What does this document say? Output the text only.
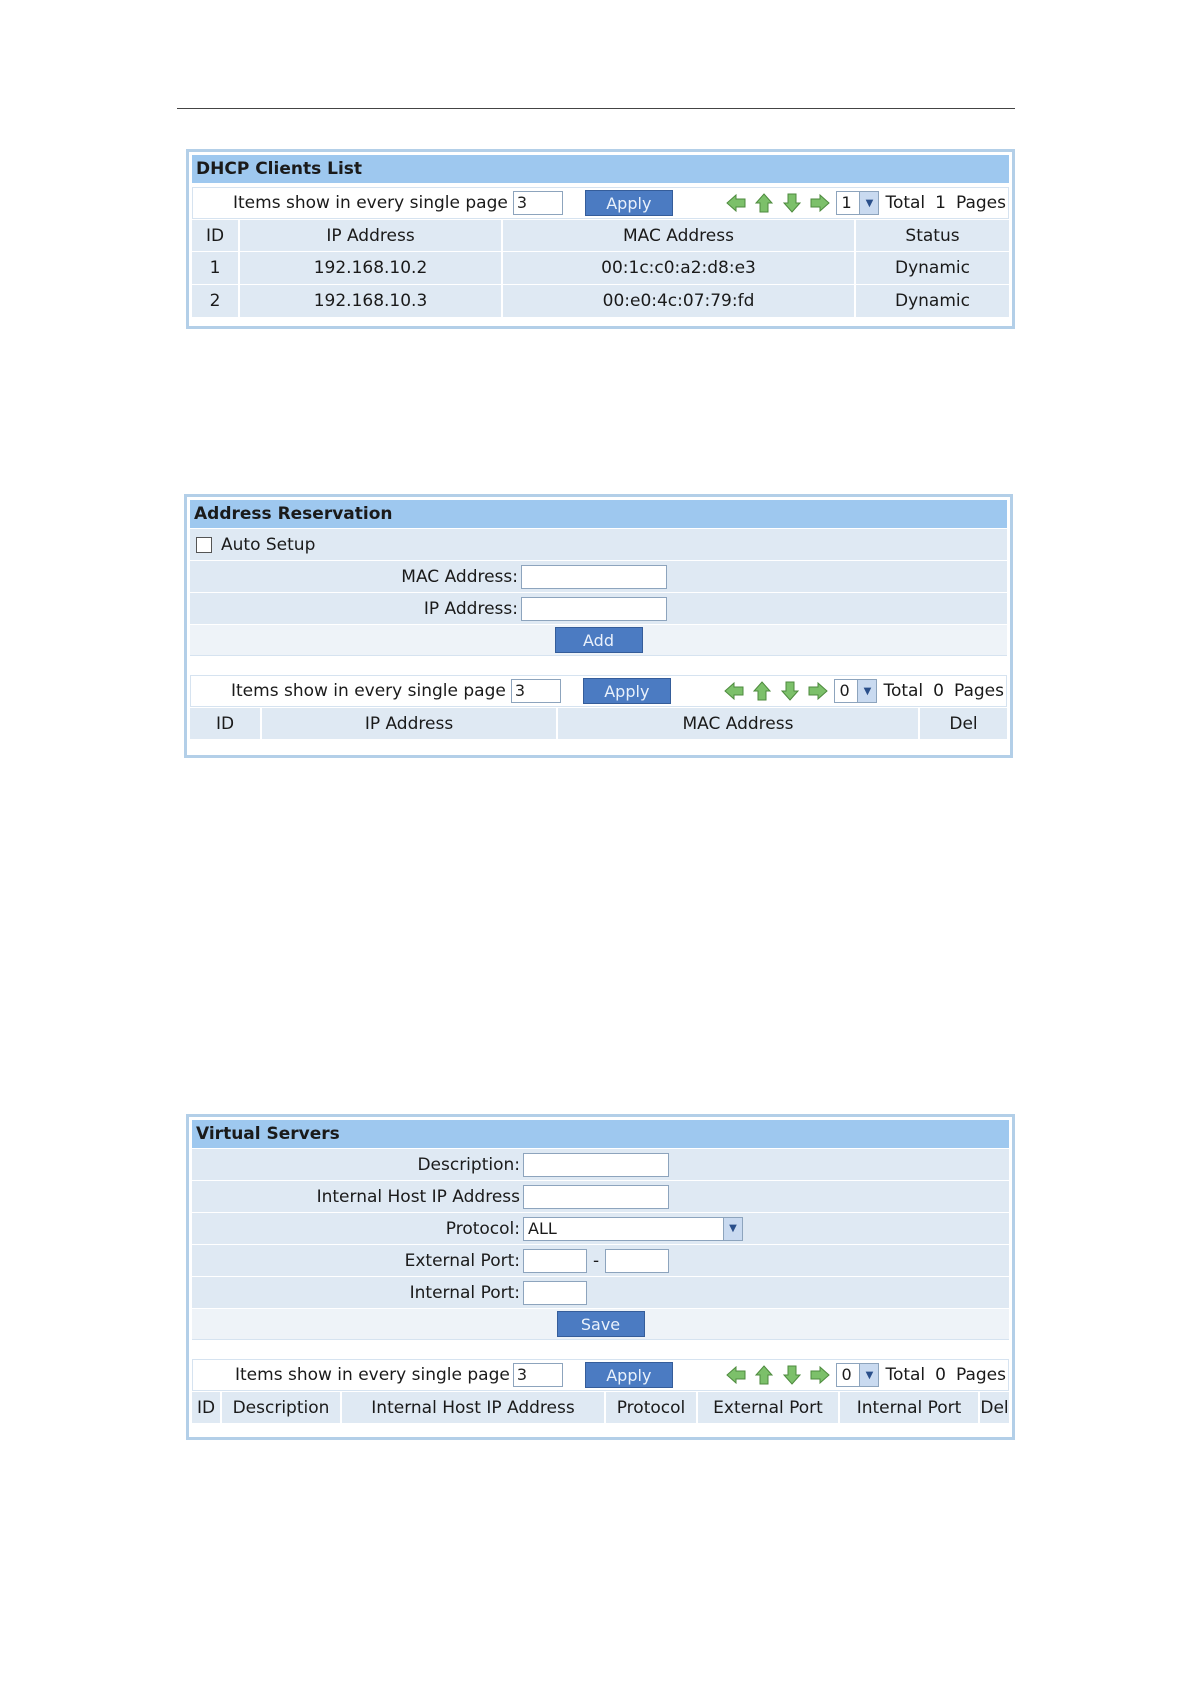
DHCP Clients List
Items show in every single page 3	Apply	1	▼ Total 1 Pages
ID	IP Address	MAC Address	Status
1	192.168.10.2	00:1c:c0:a2:d8:e3	Dynamic
2	192.168.10.3	00:e0:4c:07:79:fd	Dynamic
Address Reservation
Auto Setup
MAC Address:
IP Address:
Add
Items show in every single page 3	Apply	0	▼ Total 0 Pages
ID	IP Address	MAC Address	Del
Virtual Servers
Description:
Internal Host IP Address
Protocol: ALL	▼
External Port:	-
Internal Port:
Save
Items show in every single page 3	Apply	0	▼ Total 0 Pages
ID	Description	Internal Host IP Address	Protocol	External Port	Internal Port	Del
